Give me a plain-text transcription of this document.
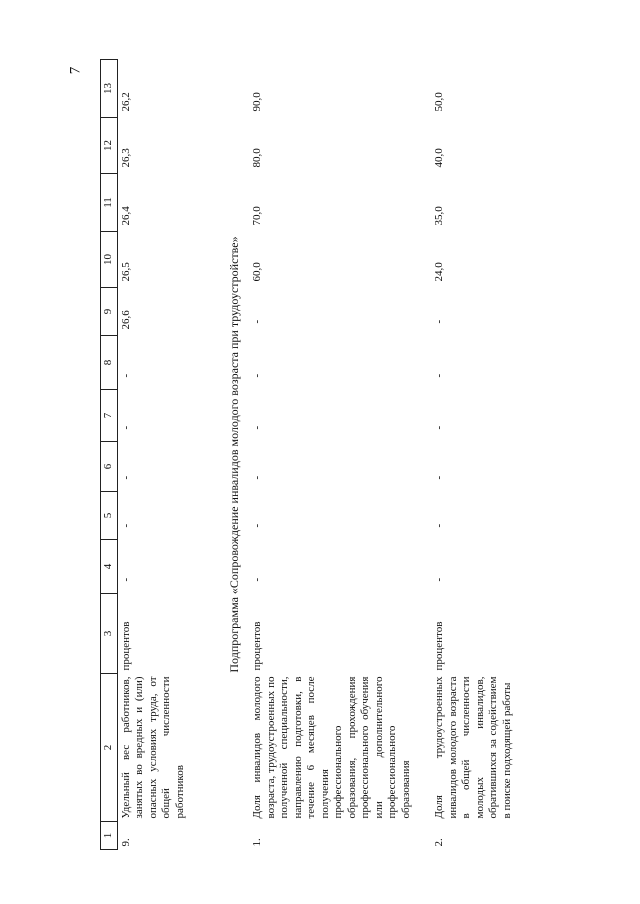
7
1	2	3	4	5	6	7	8	9	10	11	12	13
9.	Удельный вес работников, занятых во вредных и (или) опасных условиях труда, от общей численности работников	процентов	-	-	-	-	-	26,6	26,5	26,4	26,3	26,2
Подпрограмма «Сопровождение инвалидов молодого возраста при трудоустройстве»												
1.	Доля инвалидов молодого возраста, трудоустроенных по полученной специальности, направлению подготовки, в течение 6 месяцев после получения профессионального образования, прохождения профессионального обучения или дополнительного профессионального образования	процентов	-	-	-	-	-	-	60,0	70,0	80,0	90,0
2.	Доля трудоустроенных инвалидов молодого возраста в общей численности молодых инвалидов, обратившихся за содействием в поиске подходящей работы	процентов	-	-	-	-	-	-	24,0	35,0	40,0	50,0
